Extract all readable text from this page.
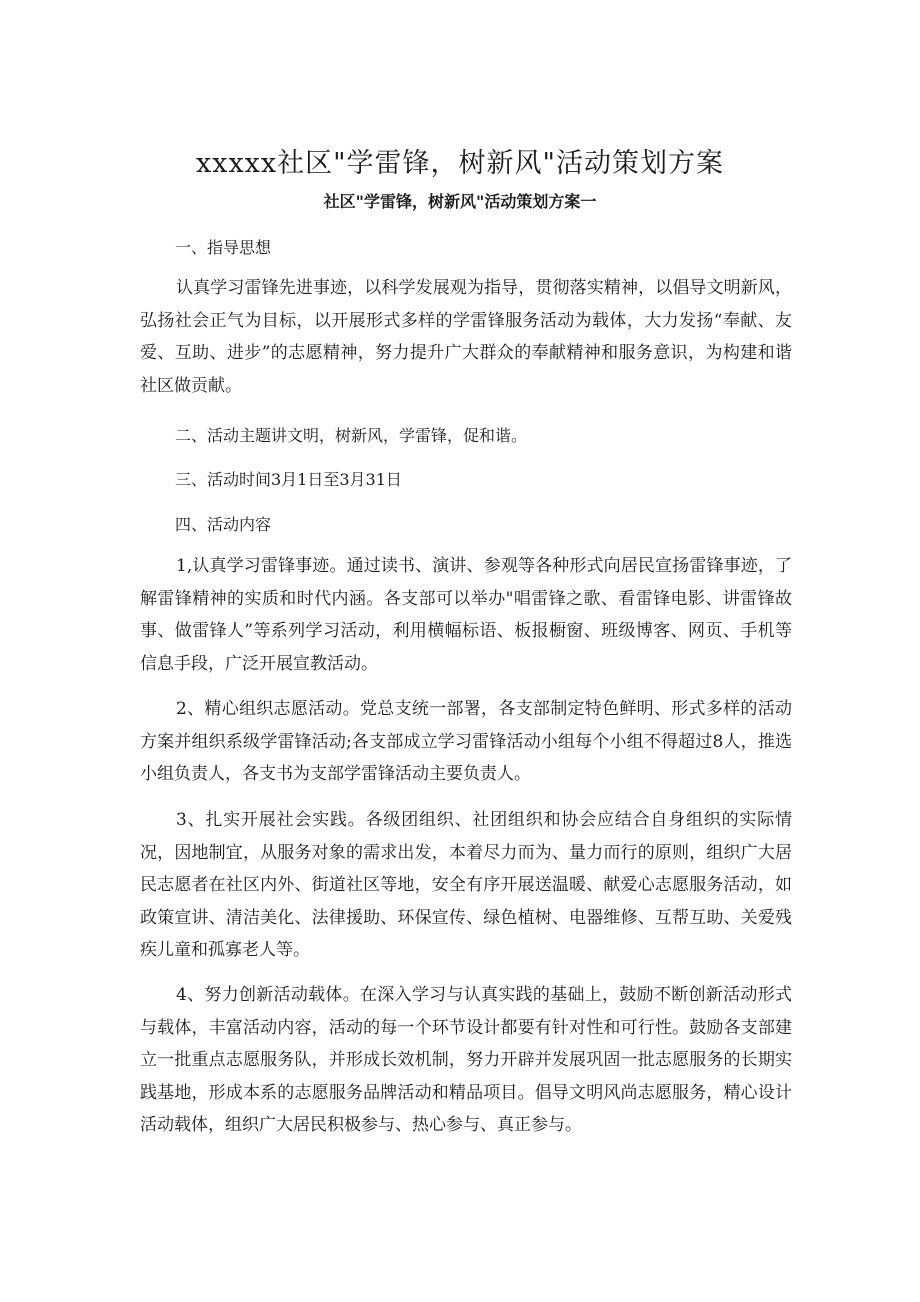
xxxxx社区"学雷锋，树新风"活动策划方案
社区"学雷锋，树新风"活动策划方案一
一、指导思想

认真学习雷锋先进事迹，以科学发展观为指导，贯彻落实精神，以倡导文明新风，弘扬社会正气为目标，以开展形式多样的学雷锋服务活动为载体，大力发扬“奉献、友爱、互助、进步”的志愿精神，努力提升广大群众的奉献精神和服务意识，为构建和谐社区做贡献。

二、活动主题讲文明，树新风，学雷锋，促和谐。
三、活动时间3月1日至3月31日
四、活动内容

1,认真学习雷锋事迹。通过读书、演讲、参观等各种形式向居民宣扬雷锋事迹，了解雷锋精神的实质和时代内涵。各支部可以举办"唱雷锋之歌、看雷锋电影、讲雷锋故事、做雷锋人”等系列学习活动，利用横幅标语、板报橱窗、班级博客、网页、手机等信息手段，广泛开展宣教活动。

2、精心组织志愿活动。党总支统一部署，各支部制定特色鲜明、形式多样的活动方案并组织系级学雷锋活动;各支部成立学习雷锋活动小组每个小组不得超过8人，推选小组负责人，各支书为支部学雷锋活动主要负责人。

3、扎实开展社会实践。各级团组织、社团组织和协会应结合自身组织的实际情况，因地制宜，从服务对象的需求出发，本着尽力而为、量力而行的原则，组织广大居民志愿者在社区内外、街道社区等地，安全有序开展送温暖、献爱心志愿服务活动，如政策宣讲、清洁美化、法律援助、环保宣传、绿色植树、电器维修、互帮互助、关爱残疾儿童和孤寡老人等。

4、努力创新活动载体。在深入学习与认真实践的基础上，鼓励不断创新活动形式与载体，丰富活动内容，活动的每一个环节设计都要有针对性和可行性。鼓励各支部建立一批重点志愿服务队，并形成长效机制，努力开辟并发展巩固一批志愿服务的长期实践基地，形成本系的志愿服务品牌活动和精品项目。倡导文明风尚志愿服务，精心设计活动载体，组织广大居民积极参与、热心参与、真正参与。
